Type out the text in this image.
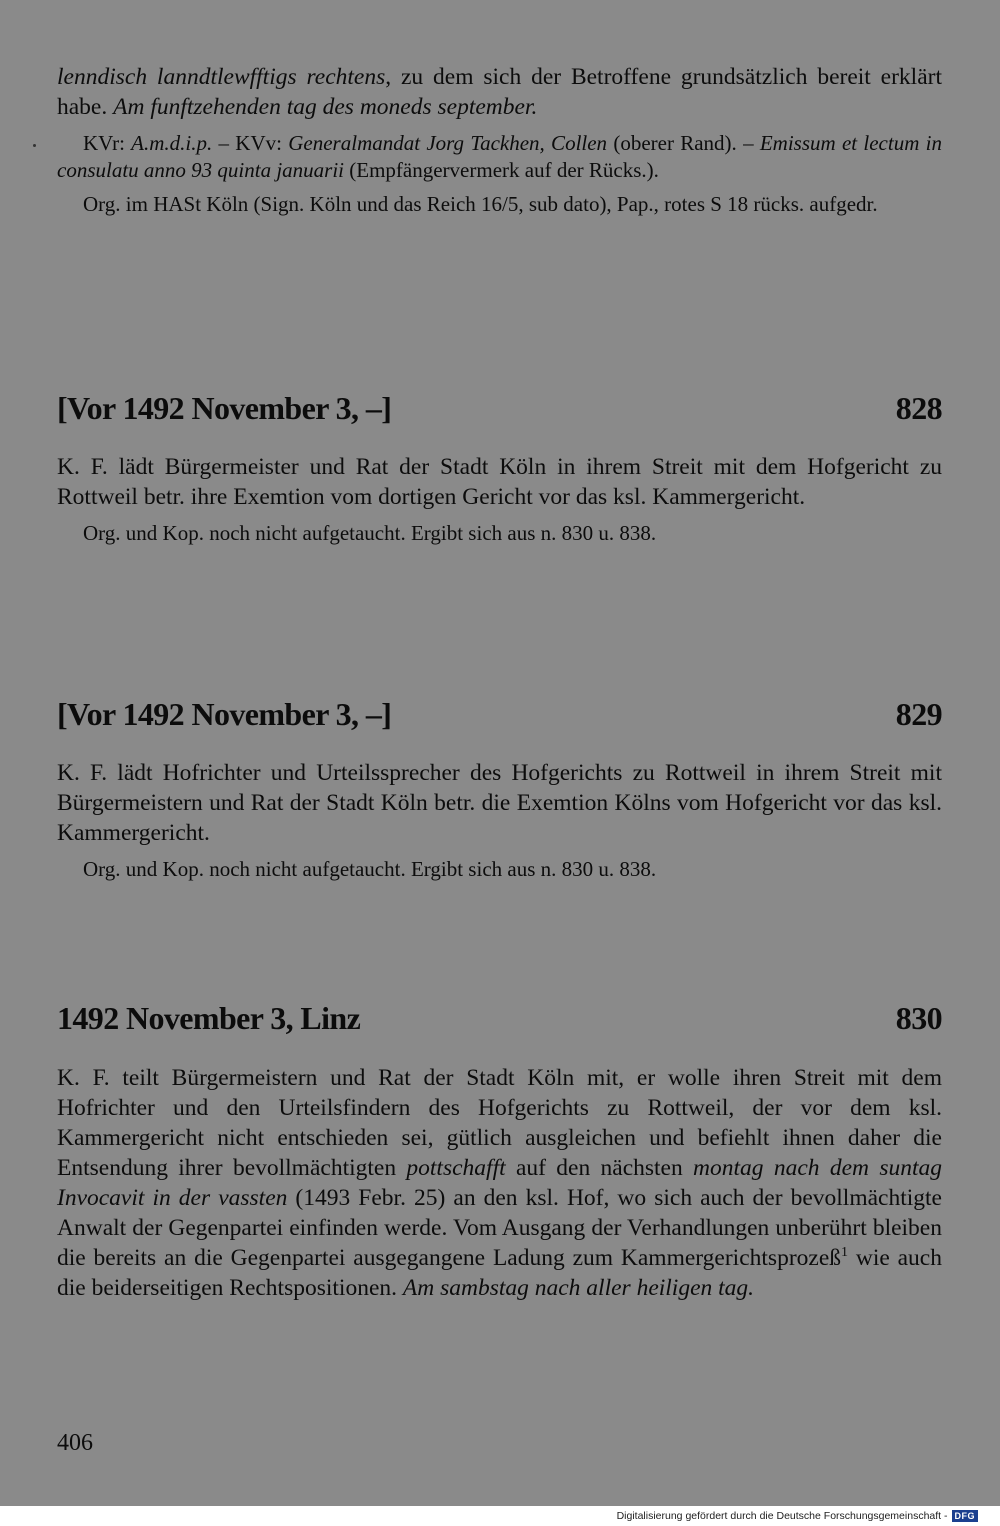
lenndisch lanndtlewfftigs rechtens, zu dem sich der Betroffene grundsätzlich bereit erklärt habe. Am funftzehenden tag des moneds september.

KVr: A.m.d.i.p. – KVv: Generalmandat Jorg Tackhen, Collen (oberer Rand). – Emissum et lectum in consulatu anno 93 quinta januarii (Empfängervermerk auf der Rücks.).

Org. im HASt Köln (Sign. Köln und das Reich 16/5, sub dato), Pap., rotes S 18 rücks. aufgedr.

[Vor 1492 November 3, –]	828

K. F. lädt Bürgermeister und Rat der Stadt Köln in ihrem Streit mit dem Hofgericht zu Rottweil betr. ihre Exemtion vom dortigen Gericht vor das ksl. Kammergericht.

Org. und Kop. noch nicht aufgetaucht. Ergibt sich aus n. 830 u. 838.

[Vor 1492 November 3, –]	829

K. F. lädt Hofrichter und Urteilssprecher des Hofgerichts zu Rottweil in ihrem Streit mit Bürgermeistern und Rat der Stadt Köln betr. die Exemtion Kölns vom Hofgericht vor das ksl. Kammergericht.

Org. und Kop. noch nicht aufgetaucht. Ergibt sich aus n. 830 u. 838.

1492 November 3, Linz	830

K. F. teilt Bürgermeistern und Rat der Stadt Köln mit, er wolle ihren Streit mit dem Hofrichter und den Urteilsfindern des Hofgerichts zu Rottweil, der vor dem ksl. Kammergericht nicht entschieden sei, gütlich ausgleichen und befiehlt ihnen daher die Entsendung ihrer bevollmächtigten pottschafft auf den nächsten montag nach dem suntag Invocavit in der vassten (1493 Febr. 25) an den ksl. Hof, wo sich auch der bevollmächtigte Anwalt der Gegenpartei einfinden werde. Vom Ausgang der Verhandlungen unberührt bleiben die bereits an die Gegenpartei ausgegangene Ladung zum Kammergerichtsprozeß$^1$ wie auch die beiderseitigen Rechtspositionen. Am sambstag nach aller heiligen tag.

406
Digitalisierung gefördert durch die Deutsche Forschungsgemeinschaft - DFG
